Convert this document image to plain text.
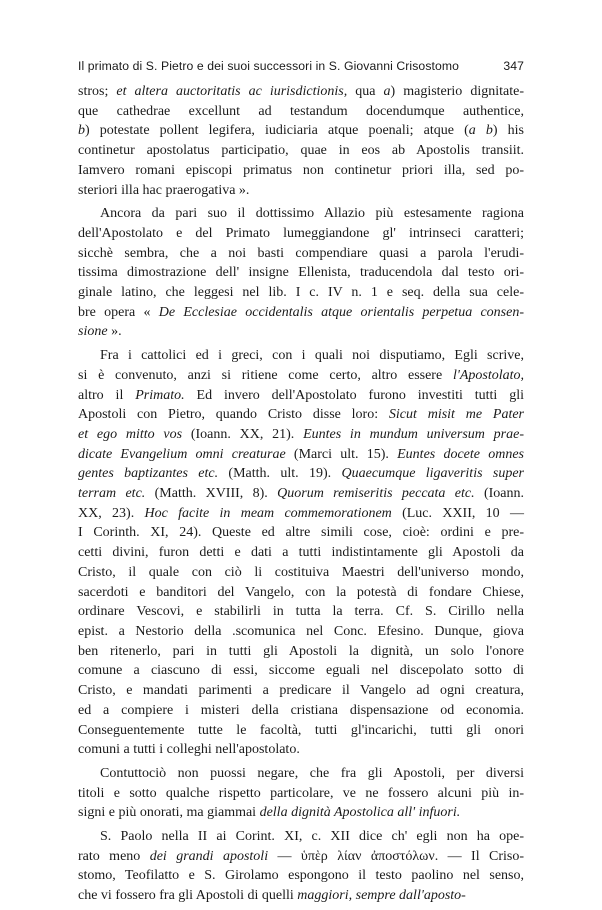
Il primato di S. Pietro e dei suoi successori in S. Giovanni Crisostomo	347
stros; et altera auctoritatis ac iurisdictionis, qua a) magisterio dignitate-
que cathedrae excellunt ad testandum docendumque authentice,
b) potestate pollent legifera, iudiciaria atque poenali; atque (a b) his
continetur apostolatus participatio, quae in eos ab Apostolis transiit.
Iamvero romani episcopi primatus non continetur priori illa, sed po-
steriori illa hac praerogativa ».
Ancora da pari suo il dottissimo Allazio più estesamente ragiona
dell'Apostolato e del Primato lumeggiandone gl' intrinseci caratteri;
sicchè sembra, che a noi basti compendiare quasi a parola l'erudi-
tissima dimostrazione dell' insigne Ellenista, traducendola dal testo ori-
ginale latino, che leggesi nel lib. I c. IV n. 1 e seq. della sua cele-
bre opera « De Ecclesiae occidentalis atque orientalis perpetua consen-
sione ».
Fra i cattolici ed i greci, con i quali noi disputiamo, Egli scrive,
si è convenuto, anzi si ritiene come certo, altro essere l'Apostolato,
altro il Primato. Ed invero dell'Apostolato furono investiti tutti gli
Apostoli con Pietro, quando Cristo disse loro: Sicut misit me Pater
et ego mitto vos (Ioann. XX, 21). Euntes in mundum universum prae-
dicate Evangelium omni creaturae (Marci ult. 15). Euntes docete omnes
gentes baptizantes etc. (Matth. ult. 19). Quaecumque ligaveritis super
terram etc. (Matth. XVIII, 8). Quorum remiseritis peccata etc. (Ioann.
XX, 23). Hoc facite in meam commemorationem (Luc. XXII, 10 —
I Corinth. XI, 24). Queste ed altre simili cose, cioè: ordini e pre-
cetti divini, furon detti e dati a tutti indistintamente gli Apostoli da
Cristo, il quale con ciò li costituiva Maestri dell'universo mondo,
sacerdoti e banditori del Vangelo, con la potestà di fondare Chiese,
ordinare Vescovi, e stabilirli in tutta la terra. Cf. S. Cirillo nella
epist. a Nestorio della .scomunica nel Conc. Efesino. Dunque, giova
ben ritenerlo, pari in tutti gli Apostoli la dignità, un solo l'onore
comune a ciascuno di essi, siccome eguali nel discepolato sotto di
Cristo, e mandati parimenti a predicare il Vangelo ad ogni creatura,
ed a compiere i misteri della cristiana dispensazione od economia.
Conseguentemente tutte le facoltà, tutti gl'incarichi, tutti gli onori
comuni a tutti i colleghi nell'apostolato.
Contuttociò non puossi negare, che fra gli Apostoli, per diversi
titoli e sotto qualche rispetto particolare, ve ne fossero alcuni più in-
signi e più onorati, ma giammai della dignità Apostolica all' infuori.
S. Paolo nella II ai Corint. XI, c. XII dice ch' egli non ha ope-
rato meno dei grandi apostoli — ὑπὲρ λίαν ἀποστόλων. — Il Criso-
stomo, Teofilatto e S. Girolamo espongono il testo paolino nel senso,
che vi fossero fra gli Apostoli di quelli maggiori, sempre dall'aposto-
